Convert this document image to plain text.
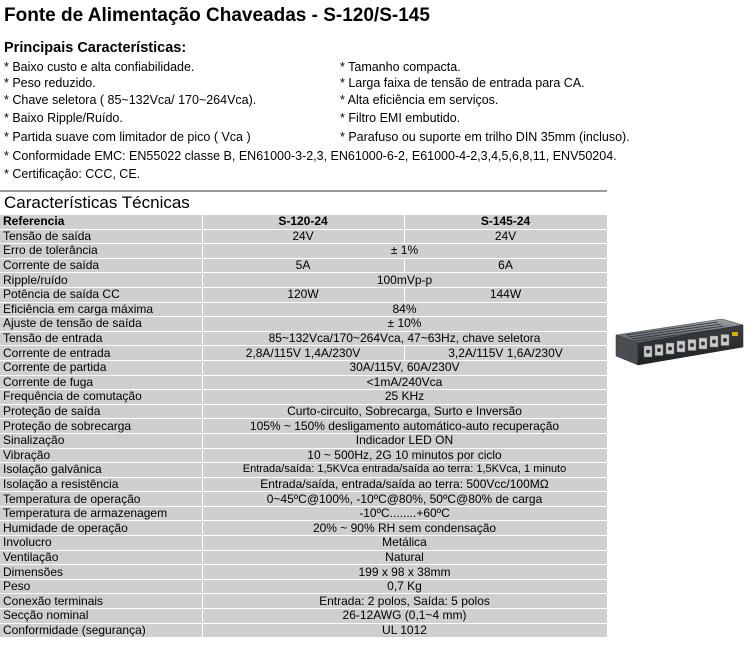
Fonte de Alimentação Chaveadas - S-120/S-145
Principais Características:
* Baixo custo e alta confiabilidade.
* Peso reduzido.
* Chave seletora ( 85~132Vca/ 170~264Vca).
* Baixo Ripple/Ruído.
* Partida suave com limitador de pico ( Vca )
* Tamanho compacta.
* Larga faixa de tensão de entrada para CA.
* Alta eficiência em serviços.
* Filtro EMI embutido.
* Parafuso ou suporte em trilho DIN 35mm (incluso).
* Conformidade EMC: EN55022 classe B, EN61000-3-2,3, EN61000-6-2, E61000-4-2,3,4,5,6,8,11, ENV50204.
* Certificação: CCC, CE.
Características Técnicas
Referencia	S-120-24	S-145-24
Tensão de saída	24V	24V
Erro de tolerância	± 1%	
Corrente de saída	5A	6A
Ripple/ruído	100mVp-p	
Potência de saída CC	120W	144W
Eficiência em carga máxima	84%	
Ajuste de tensão de saída	± 10%	
Tensão de entrada	85~132Vca/170~264Vca, 47~63Hz, chave seletora	
Corrente de entrada	2,8A/115V 1,4A/230V	3,2A/115V 1,6A/230V
Corrente de partida	30A/115V, 60A/230V	
Corrente de fuga	<1mA/240Vca	
Frequência de comutação	25 KHz	
Proteção de saída	Curto-circuito, Sobrecarga, Surto e Inversão	
Proteção de sobrecarga	105% ~ 150% desligamento automático-auto recuperação	
Sinalização	Indicador LED ON	
Vibração	10 ~ 500Hz, 2G 10 minutos por ciclo	
Isolação galvânica	Entrada/saída: 1,5KVca entrada/saída ao terra: 1,5KVca, 1 minuto	
Isolação a resistência	Entrada/saída, entrada/saída ao terra: 500Vcc/100MΩ	
Temperatura de operação	0~45ºC@100%, -10ºC@80%, 50ºC@80% de carga	
Temperatura de armazenagem	-10ºC........+60ºC	
Humidade de operação	20% ~ 90% RH sem condensação	
Involucro	Metálica	
Ventilação	Natural	
Dimensões	199 x 98 x 38mm	
Peso	0,7 Kg	
Conexão terminais	Entrada: 2 polos, Saída: 5 polos	
Secção nominal	26-12AWG (0,1~4 mm)	
Conformidade (segurança)	UL 1012	
